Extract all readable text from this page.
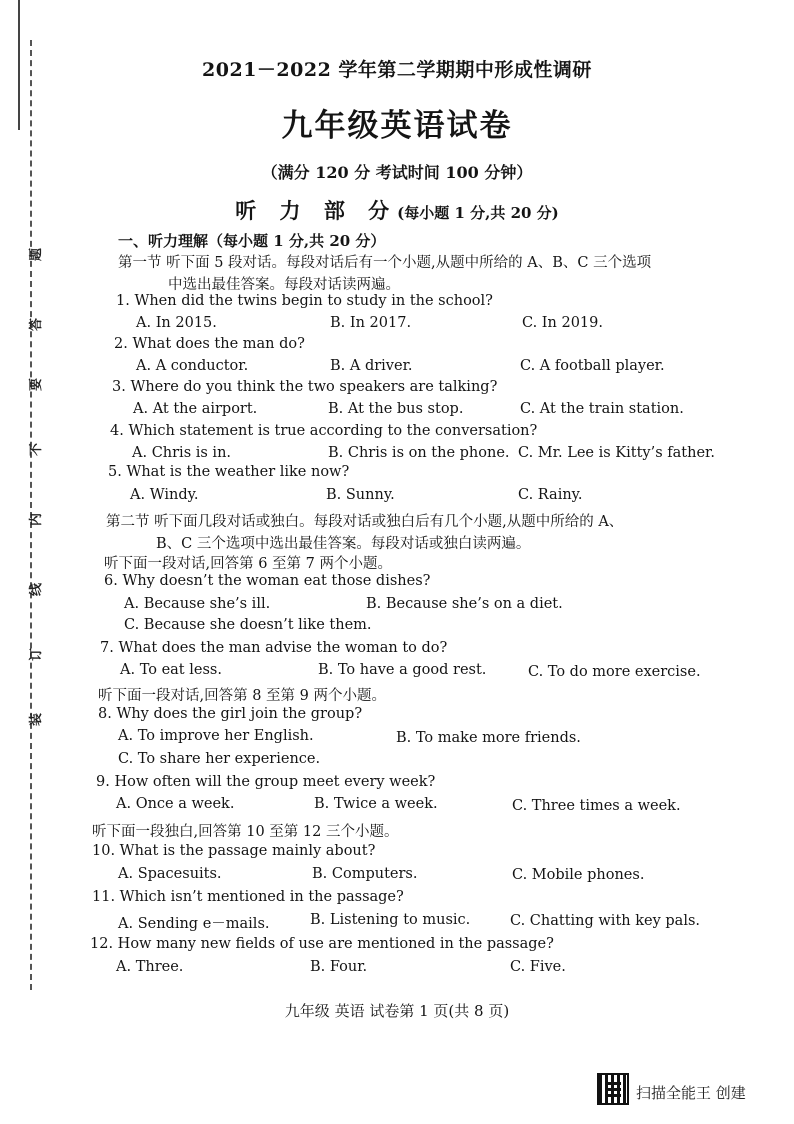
题
答
要
不
内
线
订
装
2021－2022 学年第二学期期中形成性调研
九年级英语试卷
（满分 120 分 考试时间 100 分钟）
听 力 部 分(每小题 1 分,共 20 分)
一、听力理解（每小题 1 分,共 20 分）
第一节 听下面 5 段对话。每段对话后有一个小题,从题中所给的 A、B、C 三个选项
中选出最佳答案。每段对话读两遍。
1. When did the twins begin to study in the school?
A. In 2015.	B. In 2017.	C. In 2019.
2. What does the man do?
A. A conductor.	B. A driver.	C. A football player.
3. Where do you think the two speakers are talking?
A. At the airport.	B. At the bus stop.	C. At the train station.
4. Which statement is true according to the conversation?
A. Chris is in.	B. Chris is on the phone. C. Mr. Lee is Kitty’s father.
5. What is the weather like now?
A. Windy.	B. Sunny.	C. Rainy.
第二节 听下面几段对话或独白。每段对话或独白后有几个小题,从题中所给的 A、
B、C 三个选项中选出最佳答案。每段对话或独白读两遍。
听下面一段对话,回答第 6 至第 7 两个小题。
6. Why doesn’t the woman eat those dishes?
A. Because she’s ill.	B. Because she’s on a diet.
C. Because she doesn’t like them.
7. What does the man advise the woman to do?
A. To eat less.	B. To have a good rest.	C. To do more exercise.
听下面一段对话,回答第 8 至第 9 两个小题。
8. Why does the girl join the group?
A. To improve her English.	B. To make more friends.
C. To share her experience.
9. How often will the group meet every week?
A. Once a week.	B. Twice a week.	C. Three times a week.
听下面一段独白,回答第 10 至第 12 三个小题。
10. What is the passage mainly about?
A. Spacesuits.	B. Computers.	C. Mobile phones.
11. Which isn’t mentioned in the passage?
A. Sending e－mails.	B. Listening to music.	C. Chatting with key pals.
12. How many new fields of use are mentioned in the passage?
A. Three.	B. Four.	C. Five.
九年级 英语 试卷第 1 页(共 8 页)
扫描全能王 创建
